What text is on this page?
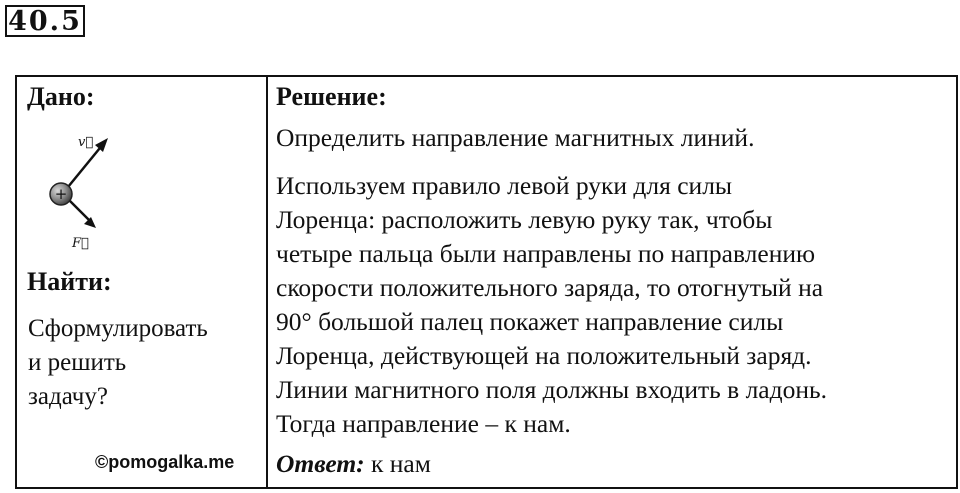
40.5
Дано:
+
v⃗
F⃗
Найти:
Сформулировать
и решить
задачу?
©pomogalka.me
Решение:
Определить направление магнитных линий.
Используем правило левой руки для силы
Лоренца: расположить левую руку так, чтобы
четыре пальца были направлены по направлению
скорости положительного заряда, то отогнутый на
90° большой палец покажет направление силы
Лоренца, действующей на положительный заряд.
Линии магнитного поля должны входить в ладонь.
Тогда направление – к нам.
Ответ: к нам
